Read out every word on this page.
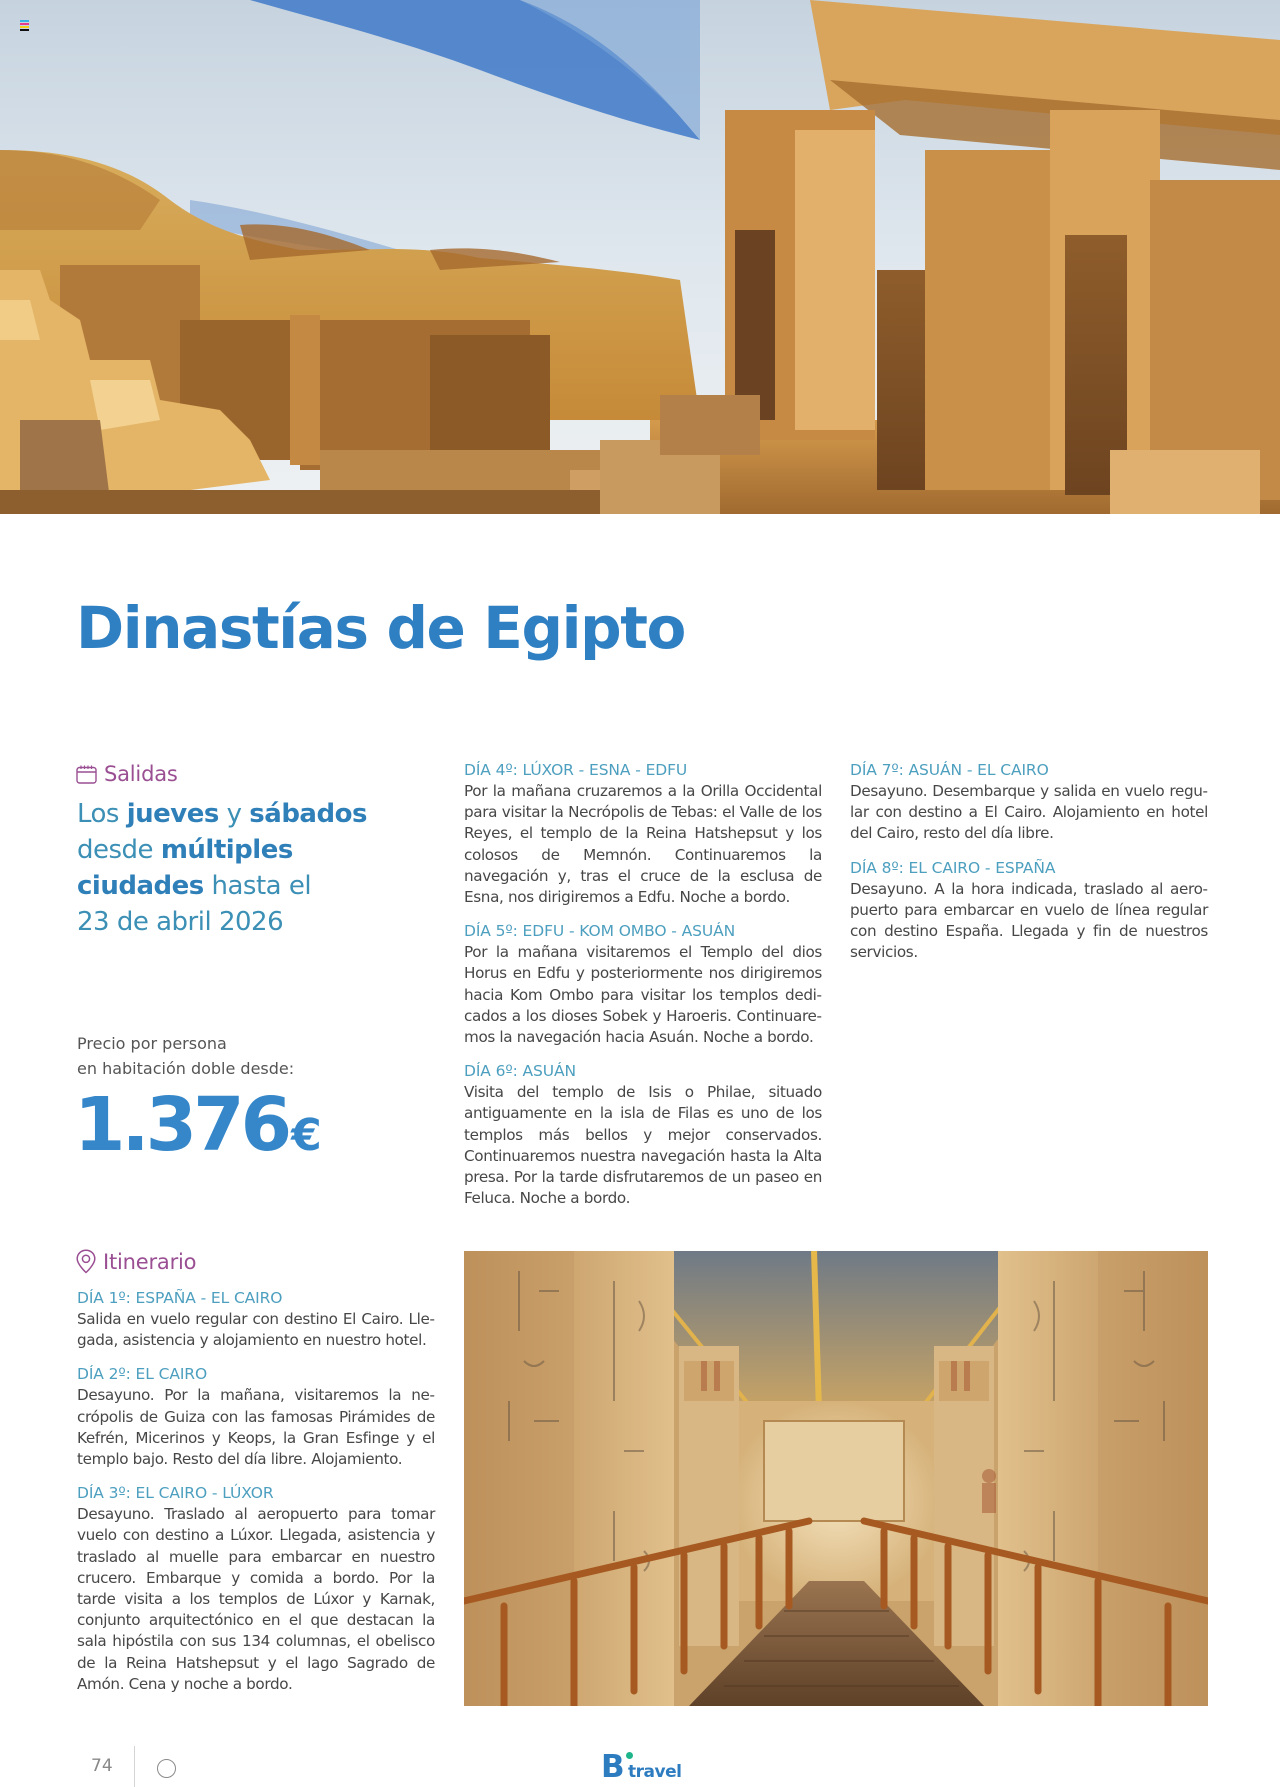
Dinastías de Egipto
Salidas
Los jueves y sábados
desde múltiples
ciudades hasta el
23 de abril 2026
Precio por persona
en habitación doble desde:
1.376€
DÍA 4º: LÚXOR - ESNA - EDFU
Por la mañana cruzaremos a la Orilla Occidental para visitar la Necrópolis de Tebas: el Valle de los Reyes, el templo de la Reina Hatshepsut y los colosos de Memnón. Continuaremos la navegación y, tras el cruce de la esclusa de Esna, nos dirigiremos a Edfu. Noche a bordo.
DÍA 5º: EDFU - KOM OMBO - ASUÁN
Por la mañana visitaremos el Templo del dios Horus en Edfu y posteriormente nos dirigiremos hacia Kom Ombo para visitar los templos dedicados a los dioses Sobek y Haroeris. Continuaremos la navegación hacia Asuán. Noche a bordo.
DÍA 6º: ASUÁN
Visita del templo de Isis o Philae, situado antiguamente en la isla de Filas es uno de los templos más bellos y mejor conservados. Continuaremos nuestra navegación hasta la Alta presa. Por la tarde disfrutaremos de un paseo en Feluca. Noche a bordo.
DÍA 7º: ASUÁN - EL CAIRO
Desayuno. Desembarque y salida en vuelo regular con destino a El Cairo. Alojamiento en hotel del Cairo, resto del día libre.
DÍA 8º: EL CAIRO - ESPAÑA
Desayuno. A la hora indicada, traslado al aeropuerto para embarcar en vuelo de línea regular con destino España. Llegada y fin de nuestros servicios.
Itinerario
DÍA 1º: ESPAÑA - EL CAIRO
Salida en vuelo regular con destino El Cairo. Llegada, asistencia y alojamiento en nuestro hotel.
DÍA 2º: EL CAIRO
Desayuno. Por la mañana, visitaremos la necrópolis de Guiza con las famosas Pirámides de Kefrén, Micerinos y Keops, la Gran Esfinge y el templo bajo. Resto del día libre. Alojamiento.
DÍA 3º: EL CAIRO - LÚXOR
Desayuno. Traslado al aeropuerto para tomar vuelo con destino a Lúxor. Llegada, asistencia y traslado al muelle para embarcar en nuestro crucero. Embarque y comida a bordo. Por la tarde visita a los templos de Lúxor y Karnak, conjunto arquitectónico en el que destacan la sala hipóstila con sus 134 columnas, el obelisco de la Reina Hatshepsut y el lago Sagrado de Amón. Cena y noche a bordo.
74	B travel
